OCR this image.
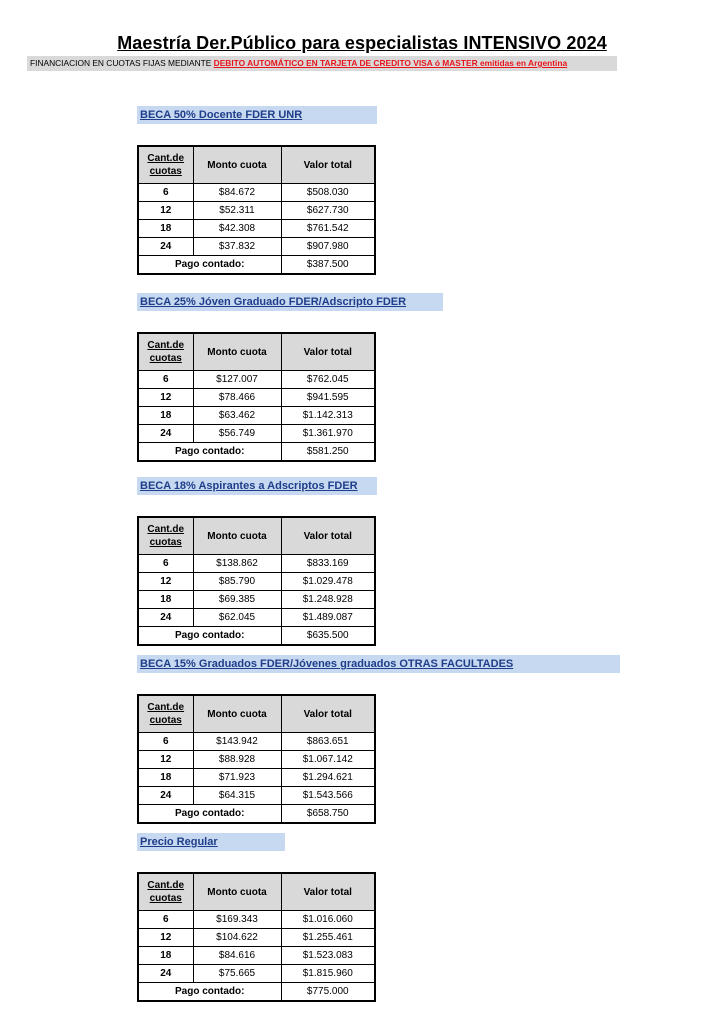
Maestría Der.Público para especialistas INTENSIVO 2024
FINANCIACION EN CUOTAS FIJAS MEDIANTE DEBITO AUTOMÁTICO EN TARJETA DE CREDITO VISA ó MASTER emitidas en Argentina
BECA 50% Docente FDER UNR
Cant.de cuotas	Monto cuota	Valor total
6	$84.672	$508.030
12	$52.311	$627.730
18	$42.308	$761.542
24	$37.832	$907.980
Pago contado:		$387.500
BECA 25% Jóven Graduado FDER/Adscripto FDER
Cant.de cuotas	Monto cuota	Valor total
6	$127.007	$762.045
12	$78.466	$941.595
18	$63.462	$1.142.313
24	$56.749	$1.361.970
Pago contado:		$581.250
BECA 18% Aspirantes a Adscriptos FDER
Cant.de cuotas	Monto cuota	Valor total
6	$138.862	$833.169
12	$85.790	$1.029.478
18	$69.385	$1.248.928
24	$62.045	$1.489.087
Pago contado:		$635.500
BECA 15% Graduados FDER/Jóvenes graduados OTRAS FACULTADES
Cant.de cuotas	Monto cuota	Valor total
6	$143.942	$863.651
12	$88.928	$1.067.142
18	$71.923	$1.294.621
24	$64.315	$1.543.566
Pago contado:		$658.750
Precio Regular
Cant.de cuotas	Monto cuota	Valor total
6	$169.343	$1.016.060
12	$104.622	$1.255.461
18	$84.616	$1.523.083
24	$75.665	$1.815.960
Pago contado:		$775.000
